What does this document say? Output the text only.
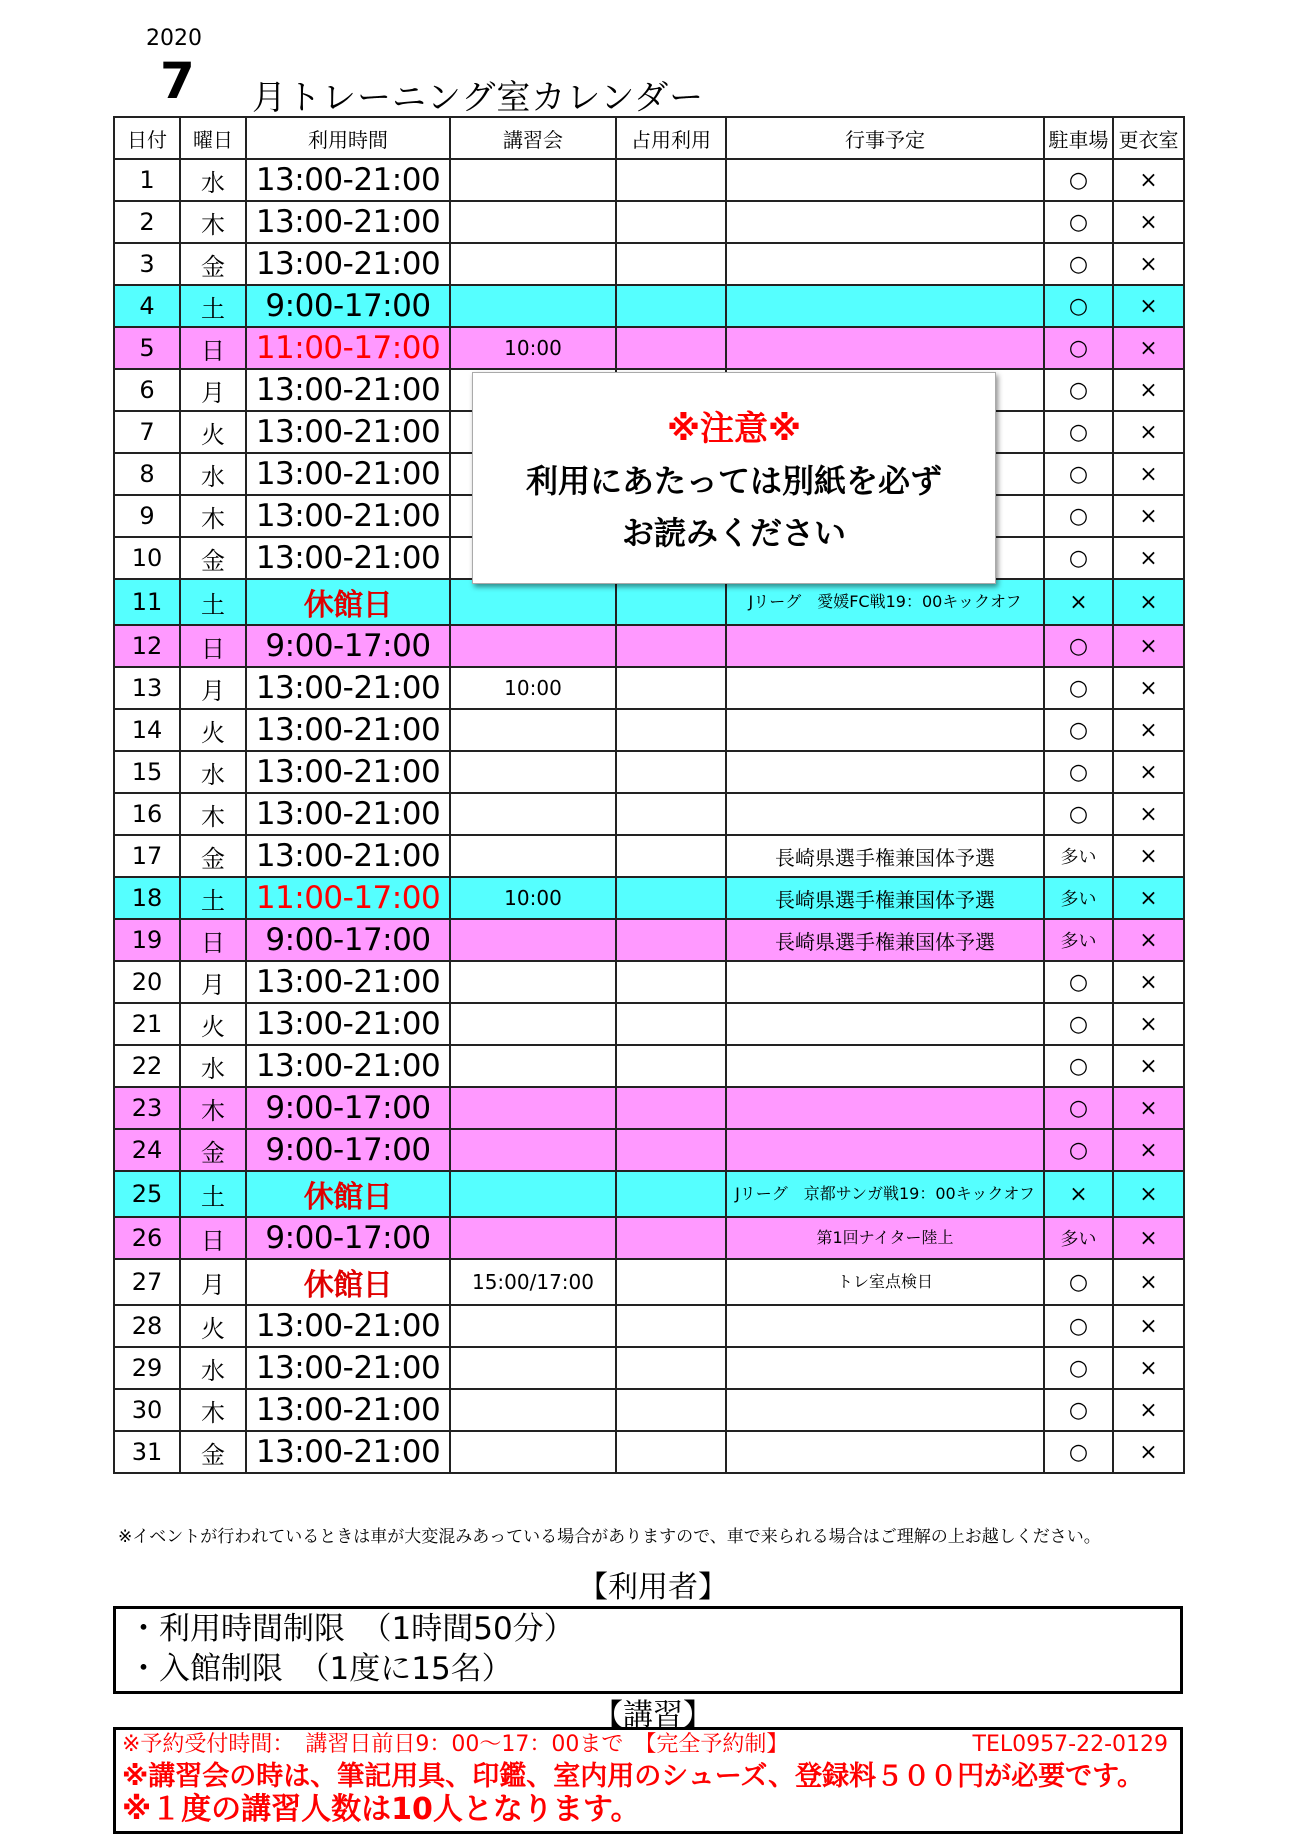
2020
7 月トレーニング室カレンダー
日付	曜日	利用時間	講習会	占用利用	行事予定	駐車場	更衣室
1	水	13:00-21:00				○	×
2	木	13:00-21:00				○	×
3	金	13:00-21:00				○	×
4	土	9:00-17:00				○	×
5	日	11:00-17:00	10:00			○	×
6	月	13:00-21:00				○	×
7	火	13:00-21:00				○	×
8	水	13:00-21:00				○	×
9	木	13:00-21:00				○	×
10	金	13:00-21:00				○	×
11	土	休館日			Jリーグ　愛媛FC戦19：00キックオフ	×	×
12	日	9:00-17:00				○	×
13	月	13:00-21:00	10:00			○	×
14	火	13:00-21:00				○	×
15	水	13:00-21:00				○	×
16	木	13:00-21:00				○	×
17	金	13:00-21:00			長崎県選手権兼国体予選	多い	×
18	土	11:00-17:00	10:00		長崎県選手権兼国体予選	多い	×
19	日	9:00-17:00			長崎県選手権兼国体予選	多い	×
20	月	13:00-21:00				○	×
21	火	13:00-21:00				○	×
22	水	13:00-21:00				○	×
23	木	9:00-17:00				○	×
24	金	9:00-17:00				○	×
25	土	休館日			Jリーグ　京都サンガ戦19：00キックオフ	×	×
26	日	9:00-17:00			第1回ナイター陸上	多い	×
27	月	休館日	15:00/17:00		トレ室点検日	○	×
28	火	13:00-21:00				○	×
29	水	13:00-21:00				○	×
30	木	13:00-21:00				○	×
31	金	13:00-21:00				○	×
※注意※
利用にあたっては別紙を必ず
お読みください
※イベントが行われているときは車が大変混みあっている場合がありますので、車で来られる場合はご理解の上お越しください。
【利用者】
・利用時間制限　（1時間50分）
・入館制限　（1度に15名）
【講習】
※予約受付時間：　講習日前日9：00～17：00まで　【完全予約制】	TEL0957-22-0129
※講習会の時は、筆記用具、印鑑、室内用のシューズ、登録料５００円が必要です。
※１度の講習人数は10人となります。
